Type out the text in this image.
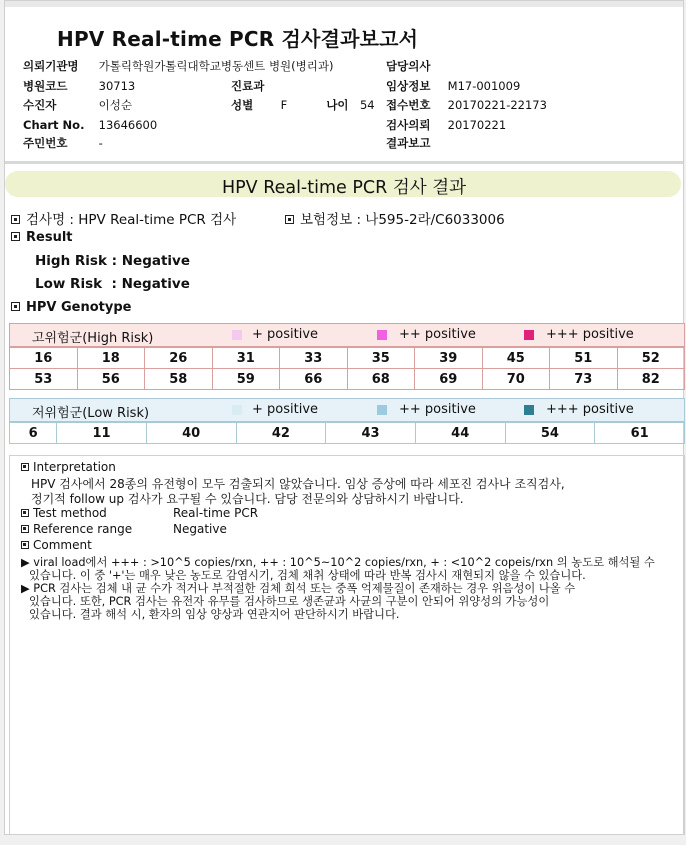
HPV Real-time PCR 검사결과보고서
의뢰기관명 가톨릭학원가톨릭대학교병동센트 병원(병리과)	담당의사
병원코드	30713	진료과	임상정보 M17-001009
수진자	이성순	성별 F	나이 54 접수번호 20170221-22173
Chart No. 13646600	검사의뢰 20170221
주민번호	-	결과보고
HPV Real-time PCR 검사 결과
검사명 : HPV Real-time PCR 검사	보험정보 : 나595-2라/C6033006
Result
High Risk : Negative
Low Risk  : Negative
HPV Genotype
고위험군(High Risk)	+ positive	++ positive	+++ positive
16	18	26	31	33	35	39	45	51	52
53	56	58	59	66	68	69	70	73	82
저위험군(Low Risk)	+ positive	++ positive	+++ positive
6	11	40	42	43	44	54	61
Interpretation
HPV 검사에서 28종의 유전형이 모두 검출되지 않았습니다. 임상 증상에 따라 세포진 검사나 조직검사,
정기적 follow up 검사가 요구될 수 있습니다. 담당 전문의와 상담하시기 바랍니다.
Test method	Real-time PCR
Reference range	Negative
Comment
▶ viral load에서 +++ : >10^5 copies/rxn, ++ : 10^5~10^2 copies/rxn, + : <10^2 copeis/rxn 의 농도로 해석될 수
있습니다. 이 중 '+'는 매우 낮은 농도로 감염시기, 검체 채취 상태에 따라 반복 검사시 재현되지 않을 수 있습니다.
▶ PCR 검사는 검체 내 균 수가 적거나 부적절한 검체 희석 또는 중폭 억제물질이 존재하는 경우 위음성이 나올 수
있습니다. 또한, PCR 검사는 유전자 유무를 검사하므로 생존균과 사균의 구분이 안되어 위양성의 가능성이
있습니다. 결과 해석 시, 환자의 임상 양상과 연관지어 판단하시기 바랍니다.
